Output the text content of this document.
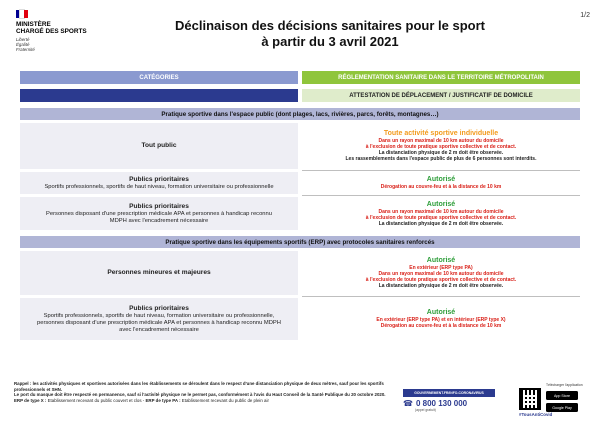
MINISTÈRE
CHARGÉ DES SPORTS
Liberté
Égalité
Fraternité
Déclinaison des décisions sanitaires pour le sport
à partir du 3 avril 2021
1/2
CATÉGORIES	RÉGLEMENTATION SANITAIRE DANS LE TERRITOIRE MÉTROPOLITAIN
ATTESTATION DE DÉPLACEMENT / JUSTIFICATIF DE DOMICILE
Pratique sportive dans l'espace public (dont plages, lacs, rivières, parcs, forêts, montagnes…)
Tout public
Toute activité sportive individuelle
Dans un rayon maximal de 10 km autour du domicile
à l'exclusion de toute pratique sportive collective et de contact.
La distanciation physique de 2 m doit être observée.
Les rassemblements dans l'espace public de plus de 6 personnes sont interdits.
Publics prioritaires
Sportifs professionnels, sportifs de haut niveau, formation universitaire ou professionnelle
Autorisé
Dérogation au couvre-feu et à la distance de 10 km
Publics prioritaires
Personnes disposant d'une prescription médicale APA et personnes à handicap reconnu
MDPH avec l'encadrement nécessaire
Autorisé
Dans un rayon maximal de 10 km autour du domicile
à l'exclusion de toute pratique sportive collective et de contact.
La distanciation physique de 2 m doit être observée.
Pratique sportive dans les équipements sportifs (ERP) avec protocoles sanitaires renforcés
Personnes mineures et majeures
Autorisé
En extérieur (ERP type PA)
Dans un rayon maximal de 10 km autour du domicile
à l'exclusion de toute pratique sportive collective et de contact.
La distanciation physique de 2 m doit être observée.
Publics prioritaires
Sportifs professionnels, sportifs de haut niveau, formation universitaire ou professionnelle,
personnes disposant d'une prescription médicale APA et personnes à handicap reconnu MDPH
avec l'encadrement nécessaire
Autorisé
En extérieur (ERP type PA) et en intérieur (ERP type X)
Dérogation au couvre-feu et à la distance de 10 km
Rappel : les activités physiques et sportives autorisées dans les établissements se déroulent dans le respect d'une distanciation physique de deux mètres, sauf pour les sportifs professionnels et SHN.
Le port du masque doit être respecté en permanence, sauf si l'activité physique ne le permet pas, conformément à l'avis du Haut Conseil de la Santé Publique du 20 octobre 2020.
ERP de type X : Etablissement recevant du public couvert et clos - ERP de type PA : Etablissement recevant du public de plein air
GOUVERNEMENT.FR/INFO-CORONAVIRUS
☎ 0 800 130 000
(appel gratuit)
#TousAntiCovid
Télécharger l'application
App Store
Google Play
